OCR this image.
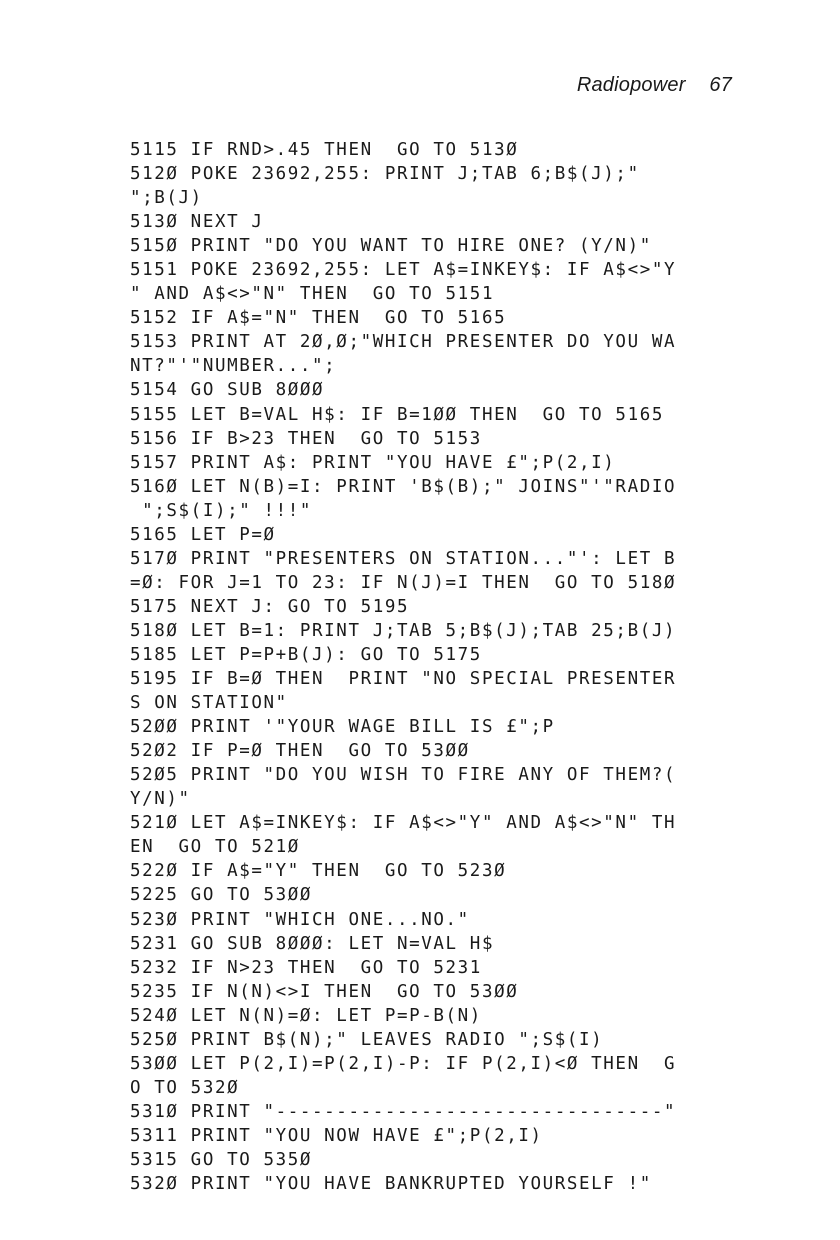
Radiopower 67
5115 IF RND>.45 THEN  GO TO 513Ø
512Ø POKE 23692,255: PRINT J;TAB 6;B$(J);"
";B(J)
513Ø NEXT J
515Ø PRINT "DO YOU WANT TO HIRE ONE? (Y/N)"
5151 POKE 23692,255: LET A$=INKEY$: IF A$<>"Y
" AND A$<>"N" THEN  GO TO 5151
5152 IF A$="N" THEN  GO TO 5165
5153 PRINT AT 2Ø,Ø;"WHICH PRESENTER DO YOU WA
NT?"'"NUMBER...";
5154 GO SUB 8ØØØ
5155 LET B=VAL H$: IF B=1ØØ THEN  GO TO 5165
5156 IF B>23 THEN  GO TO 5153
5157 PRINT A$: PRINT "YOU HAVE £";P(2,I)
516Ø LET N(B)=I: PRINT 'B$(B);" JOINS"'"RADIO
";S$(I);" !!!"
5165 LET P=Ø
517Ø PRINT "PRESENTERS ON STATION..."': LET B
=Ø: FOR J=1 TO 23: IF N(J)=I THEN  GO TO 518Ø
5175 NEXT J: GO TO 5195
518Ø LET B=1: PRINT J;TAB 5;B$(J);TAB 25;B(J)
5185 LET P=P+B(J): GO TO 5175
5195 IF B=Ø THEN  PRINT "NO SPECIAL PRESENTER
S ON STATION"
52ØØ PRINT '"YOUR WAGE BILL IS £";P
52Ø2 IF P=Ø THEN  GO TO 53ØØ
52Ø5 PRINT "DO YOU WISH TO FIRE ANY OF THEM?(
Y/N)"
521Ø LET A$=INKEY$: IF A$<>"Y" AND A$<>"N" TH
EN  GO TO 521Ø
522Ø IF A$="Y" THEN  GO TO 523Ø
5225 GO TO 53ØØ
523Ø PRINT "WHICH ONE...NO."
5231 GO SUB 8ØØØ: LET N=VAL H$
5232 IF N>23 THEN  GO TO 5231
5235 IF N(N)<>I THEN  GO TO 53ØØ
524Ø LET N(N)=Ø: LET P=P-B(N)
525Ø PRINT B$(N);" LEAVES RADIO ";S$(I)
53ØØ LET P(2,I)=P(2,I)-P: IF P(2,I)<Ø THEN  G
O TO 532Ø
531Ø PRINT "--------------------------------"
5311 PRINT "YOU NOW HAVE £";P(2,I)
5315 GO TO 535Ø
532Ø PRINT "YOU HAVE BANKRUPTED YOURSELF !"
